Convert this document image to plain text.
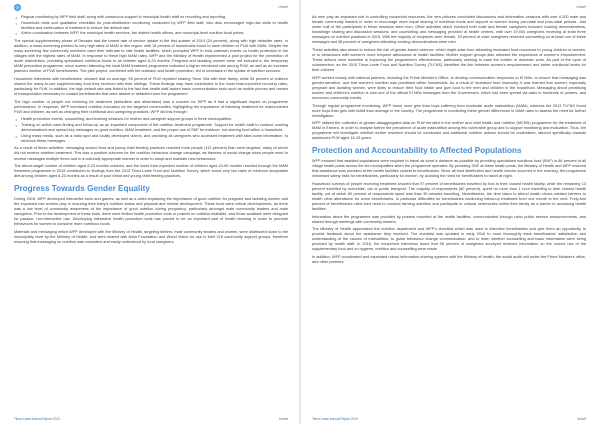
Unicef
• Regular monitoring by WFP field staff, along with continuous support to municipal health staff on recording and reporting.
• Household visits and qualitative checklists for post-distribution monitoring conducted by WFP field staff, who also encouraged high-risk visits to health facilities and continuation of treatment to reduce the default rate.
• Active coordination between WFP, the municipal health services, the district health offices, and municipal-level nutrition focal points.

The special supplementary phase of Decaste had the lowest rate of service uptake in the first quarter of 2014 (24 percent), along with high defaulter rates. In addition, a mass screening pointed to very high rates of MAM in this region, with 16 percent of households found to have children or PLW with MAM. Despite the mass screening few community members used their referrals to visit health facilities, which prompted WFP to hold outreach events on health protection in the villages with the highest rates of MAM. In response to these high MAM rates, WFP and the Ministry of Health implemented a pilot project for the prevention of acute malnutrition, providing specialised nutritious foods to all children aged 6-23 months. Pregnant and lactating women were not included in the temporary MAM prevention programme, since women attending the local MAM treatment programme indicated a higher enrolment rate among PLW, as well as an increase planned number of PLW beneficiaries. The pilot project, combined with the outreach and health promotion, led to increases in the uptake of nutrition services.

Household interviews with beneficiaries' showed that on average, 96 percent of PLW reported sharing Timor Vita with their family, while 54 percent of children shared the ready-to-use supplementary food they received with their siblings. These findings may have contributed to the lower-than-expected recovery rates, particularly for PLW. In addition, the high default rate was linked to the fact that health staff lacked basic communication tools such as mobile phones and means of transportation necessary to contact beneficiaries that were absent or defaulted from the programme.

The high number of people not returning for treatment (defaulters and absentees) was a concern for WFP as it had a significant impact on programme performance. In response, WFP increased nutrition education for the targeted communities, highlighting the importance of following treatment for malnourished PLW and children, as well as changing their nutritional and caregiving practices. WFP did this through:

• Health promotion events, counselling, and learning sessions for mother and caregiver support groups in three municipalities.
• Training on active case-finding and follow-up as an important component of the nutrition treatment programme. Support for health staff to conduct cooking demonstrations and spread key messages on good nutrition, MAM treatment, and the proper use of SNF for instance, not sharing food within a household.
• Using mass media, such as a radio spot and locally developed videos, and providing all caregivers who accessed treatment with take-home information, to reinforce these messages.

As a result of these activities, messaging around food and young child feeding practices reached more people (112 percent) than were targeted, many of whom did not receive nutrition treatment. This was a positive outcome for the nutrition behaviour change campaign, as theories of social change show people need to receive messages multiple times and in a culturally appropriate manner in order to adopt and maintain new behaviours.

The above-target number of children aged 6-23 months reached, and the lower than expected number of children aged 24-59 months reached through the MAM treatment programme in 2015 contributed to findings from the 2013 Timor-Leste Food and Nutrition Survey, which found very low rates of minimum acceptable diet among children aged 6-23 months as a result of poor infant and young child feeding practices.

Progress Towards Gender Equality

During 2015, WFP developed interactive tools and games, as well as a video explaining the importance of good nutrition for pregnant and lactating women and the important role women play in ensuring their baby's nutrition status and physical and mental development. These tools were critical developments, as there was a low level of community awareness of the importance of good nutrition during pregnancy, particularly amongst male community leaders and male caregivers. Prior to the development of these tools, there were limited health promotion tools or posters on nutrition available, and those available were designed for passive, non-interactive use. Developing interactive health promotion tools has proved to be an important part of health learning in order to promote behaviours for women to consume more nutritious foods.

Materials and messaging which WFP developed with the Ministry of Health, targeting fathers, male community leaders and women, were distributed down to the municipality level by the Ministry of Health, and were shared with Alola Foundation and World Vision for use in their 215 community support groups, therefore ensuring that messaging on nutrition was consistent and easily understood by rural caregivers.

Timor-Leste Annual Report 2013	Unicef
Unicef

As men play an important role in controlling household resources, the new pictures conducted discussions and information sessions with over 6,200 male and female community leaders in order to encourage more equal sharing of nutritious foods and support to women during pre-natal and post-natal periods. Just under half of the participants in these sessions were men. Other activities which involved both male and female caregivers included cooking demonstrations, knowledge sharing and discussion sessions, and counselling and messaging provided at health centres, with over 19,000 caregivers receiving at least three messages on nutrition practices in 2015. With the majority of recipients were female, 33 percent of male caregivers received counselling on at least one of these messages and 38 percent of caregivers attending cooking demonstrations were men.

These activities also aimed to reduce the risk of gender-based violence, which might arise from allocating increased food resources to young children or women, or to behaviours with women's more frequent attendance at health facilities. Mother support groups also stressed the importance of women's empowerment. These actions were essential to improving the programme's effectiveness, particularly seeking to ease the burden of domestic work. As part of the cycle of volunteerism, as the 2015 Timor-Leste Food and Nutrition Survey (TLFNS) identified the link between women's empowerment and better nutritional levels for their children.

WFP worked closely with national partners, including the Prime Minister's Office, to develop communication responses to El Niño, to ensure that messaging was gender-sensitive, and that women's nutrition was prioritised within households. As a result of increased food insecurity, it was learned that women, especially pregnant and lactating women, were likely to reduce their food intake and give food to the men and children in the household. Messaging about prioritising women and children's nutrition is now one of the official El Niño messages from the Government, which has been spread via radio in hundreds of posters, and numerous community events.

Through regular programme monitoring, WFP found more girls than boys suffering from moderate acute malnutrition (MAM), whereas the 2013 TLFNS found more boys than girls with MAM than average in the country. The programme is monitoring these gender differences in MAM rates to assess the need for further investigation.

WFP utilised the collection of gender-disaggregated data on PLW enrolled in the mother and child health and nutrition (MCHN) programme for the treatment of MAM in Ermera, in order to analyse further the prevalence of acute malnutrition among this vulnerable group and to support monitoring and evaluation. Thus, the programme will investigate whether further research should be conducted and additional nutrition actions should be undertaken, tailored specifically towards adolescent PLW aged 15-19 years.

Protection and Accountability to Affected Populations

WFP ensured that assisted populations were required to travel as short a distance as possible by providing specialised nutritious food (SNF) in 86 percent of all village health posts across the six municipalities when the programme operated. By providing SNF at these health posts, the Ministry of Health and WFP ensured that assistance was provided at the health facilities closest to beneficiaries. Since all food distribution and health checks occurred in the morning, the programme minimised safety risks for beneficiaries, particularly for women, by avoiding the need for beneficiaries to travel at night.

Household surveys of people receiving treatment showed that 97 percent of beneficiaries travelled by foot to their closest health facility, while the remaining 13 percent travelled by motorbike, car or public transport. The majority of respondents (80 percent), spent no more than 1 hour travelling to their closest health facility, out of which 60 percent of respondents spent less than 30 minutes travelling. Nevertheless, the time taken to attend health clinics created barriers to health clinic attendance for some beneficiaries, in particular difficulties for beneficiaries continuing follow-up treatment from one month to the next. Forty-two percent of beneficiaries cited their need to conduct farming activities and participate in cultural ceremonies within their family as a barrier to accessing health facilities.

Information about the programme was provided by posters mounted at the health facilities, communicated through radio public service announcements, and shared through meetings with community leaders.

The Ministry of Health appreciated the nutrition department and WFP's checklist which was used to interview beneficiaries and give them an opportunity to provide feedback about the assistance they received. The checklist was updated in early 2016 to more thoroughly track beneficiaries' satisfaction and understanding of the causes of malnutrition, to guide behaviour change communication, and to learn whether counselling and basic information were being provided by health staff. In 2016, the household interviews found that 98 percent of caregivers surveyed received information on the correct use of the supplementary food and on hygiene, nutrition and counselling were made.

In addition, WFP coordinated and expanded robust information-sharing systems with the Ministry of Health, the social audit unit under the Prime Minister's office, and other partners.

Timor-Leste Annual Report 2013	Unicef
